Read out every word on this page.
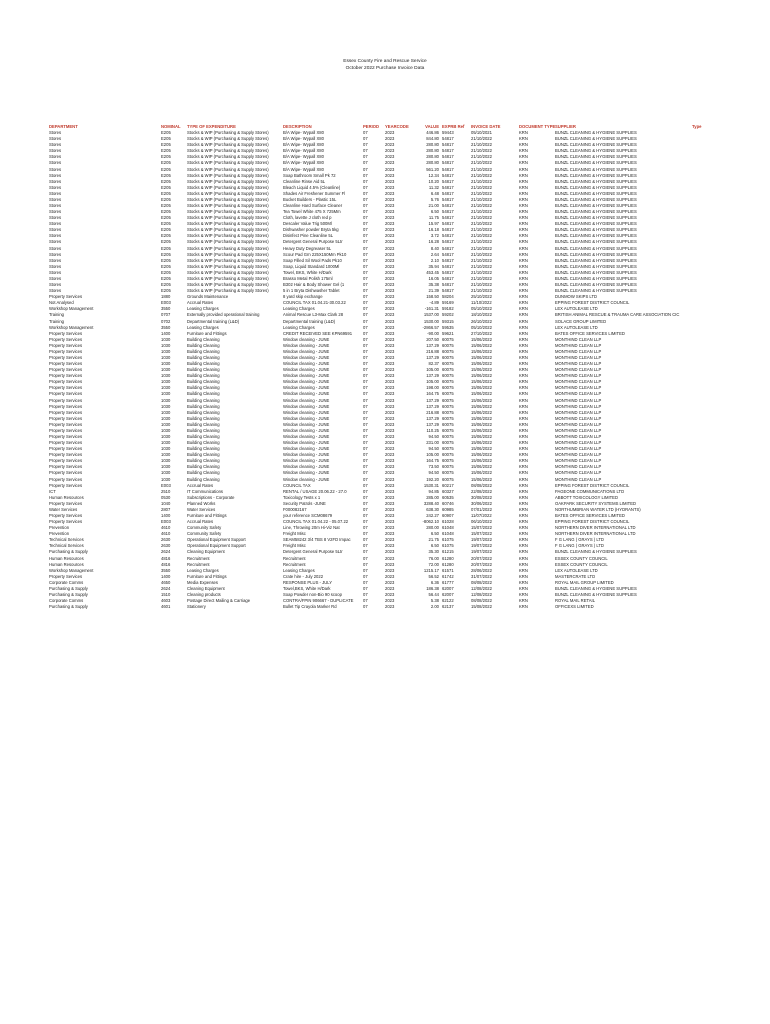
Essex County Fire and Rescue Service
October 2022 Purchase Invoice Data
DEPARTMENT	NOMINAL	TYPE OF EXPENDITURE	DESCRIPTION	PERIOD	YEARCODE	VALUE	EXPRB Ref	INVOICE DATE	DOCUMENT TYPE	SUPPLIER	Type
Stores	E205	Stocks & WIP (Purchasing & Supply Stores)	B/A Wipe- Wypall X80	07	2023	446.86	59443	05/10/2021	KRN	BUNZL CLEANING & HYGIENE SUPPLIES	
Stores	E205	Stocks & WIP (Purchasing & Supply Stores)	B/A Wipe- Wypall X80	07	2023	844.80	54817	21/10/2022	KRN	BUNZL CLEANING & HYGIENE SUPPLIES	
Stores	E205	Stocks & WIP (Purchasing & Supply Stores)	B/A Wipe- Wypall X80	07	2023	280.80	54817	21/10/2022	KRN	BUNZL CLEANING & HYGIENE SUPPLIES	
Stores	E205	Stocks & WIP (Purchasing & Supply Stores)	B/A Wipe- Wypall X80	07	2023	280.80	54817	21/10/2022	KRN	BUNZL CLEANING & HYGIENE SUPPLIES	
Stores	E205	Stocks & WIP (Purchasing & Supply Stores)	B/A Wipe- Wypall X80	07	2023	280.80	54817	21/10/2022	KRN	BUNZL CLEANING & HYGIENE SUPPLIES	
Stores	E205	Stocks & WIP (Purchasing & Supply Stores)	B/A Wipe- Wypall X80	07	2023	280.80	54817	21/10/2022	KRN	BUNZL CLEANING & HYGIENE SUPPLIES	
Stores	E205	Stocks & WIP (Purchasing & Supply Stores)	B/A Wipe- Wypall X80	07	2023	561.20	54817	21/10/2022	KRN	BUNZL CLEANING & HYGIENE SUPPLIES	
Stores	E205	Stocks & WIP (Purchasing & Supply Stores)	Soap Bathroom Small Pk 72	07	2023	12.34	54817	21/10/2022	KRN	BUNZL CLEANING & HYGIENE SUPPLIES	
Stores	E205	Stocks & WIP (Purchasing & Supply Stores)	Cleanline Rinse Aid 5L	07	2023	10.20	54817	21/10/2022	KRN	BUNZL CLEANING & HYGIENE SUPPLIES	
Stores	E205	Stocks & WIP (Purchasing & Supply Stores)	Bleach Liquid 4.5% (Cleanline)	07	2023	11.32	54817	21/10/2022	KRN	BUNZL CLEANING & HYGIENE SUPPLIES	
Stores	E205	Stocks & WIP (Purchasing & Supply Stores)	Shades Air Freshener Summer Fl	07	2023	6.48	54817	21/10/2022	KRN	BUNZL CLEANING & HYGIENE SUPPLIES	
Stores	E205	Stocks & WIP (Purchasing & Supply Stores)	Bucket Builders - Plastic 15L	07	2023	5.76	54817	21/10/2022	KRN	BUNZL CLEANING & HYGIENE SUPPLIES	
Stores	E205	Stocks & WIP (Purchasing & Supply Stores)	Cleanline Hard Surface Cleaner	07	2023	21.00	54817	21/10/2022	KRN	BUNZL CLEANING & HYGIENE SUPPLIES	
Stores	E205	Stocks & WIP (Purchasing & Supply Stores)	Tea Towel White 475 X 725Mm	07	2023	6.50	54817	21/10/2022	KRN	BUNZL CLEANING & HYGIENE SUPPLIES	
Stores	E205	Stocks & WIP (Purchasing & Supply Stores)	Cloth, lavette J cloth red p	07	2023	11.75	54817	21/10/2022	KRN	BUNZL CLEANING & HYGIENE SUPPLIES	
Stores	E205	Stocks & WIP (Purchasing & Supply Stores)	Descaler Value Trig 500Ml	07	2023	15.97	54817	21/10/2022	KRN	BUNZL CLEANING & HYGIENE SUPPLIES	
Stores	E205	Stocks & WIP (Purchasing & Supply Stores)	Dishwasher powder Bryta 5kg	07	2023	16.18	54817	21/10/2022	KRN	BUNZL CLEANING & HYGIENE SUPPLIES	
Stores	E205	Stocks & WIP (Purchasing & Supply Stores)	Disinfect Pine Cleanline 5L	07	2023	3.72	54817	21/10/2022	KRN	BUNZL CLEANING & HYGIENE SUPPLIES	
Stores	E205	Stocks & WIP (Purchasing & Supply Stores)	Detergent General Purpose 5Ltr	07	2023	16.28	54817	21/10/2022	KRN	BUNZL CLEANING & HYGIENE SUPPLIES	
Stores	E205	Stocks & WIP (Purchasing & Supply Stores)	Heavy Duty Degreaser 5L	07	2023	8.40	54817	21/10/2022	KRN	BUNZL CLEANING & HYGIENE SUPPLIES	
Stores	E205	Stocks & WIP (Purchasing & Supply Stores)	Scour Pad Grn 225X150Mm Pk10	07	2023	2.64	54817	21/10/2022	KRN	BUNZL CLEANING & HYGIENE SUPPLIES	
Stores	E205	Stocks & WIP (Purchasing & Supply Stores)	Soap Filled Sil Wool Pads Pk10	07	2023	2.10	54817	21/10/2022	KRN	BUNZL CLEANING & HYGIENE SUPPLIES	
Stores	E205	Stocks & WIP (Purchasing & Supply Stores)	Soap, Liquid Standard 1000Ml	07	2023	35.94	54817	21/10/2022	KRN	BUNZL CLEANING & HYGIENE SUPPLIES	
Stores	E205	Stocks & WIP (Purchasing & Supply Stores)	Towel, BKS, White H/Dark	07	2023	453.45	54817	21/10/2022	KRN	BUNZL CLEANING & HYGIENE SUPPLIES	
Stores	E205	Stocks & WIP (Purchasing & Supply Stores)	Brasso Metal Polish 175ml	07	2023	16.05	54817	21/10/2022	KRN	BUNZL CLEANING & HYGIENE SUPPLIES	
Stores	E205	Stocks & WIP (Purchasing & Supply Stores)	B302 Hair & Body Shower Gel (1	07	2023	35.38	54817	21/10/2022	KRN	BUNZL CLEANING & HYGIENE SUPPLIES	
Stores	E205	Stocks & WIP (Purchasing & Supply Stores)	5 in 1 Bryta Dishwasher Tablet	07	2023	21.39	54817	21/10/2022	KRN	BUNZL CLEANING & HYGIENE SUPPLIES	
Property Services	1880	Grounds Maintenance	8 yard skip exchange	07	2023	158.50	58204	25/10/2022	KRN	DUNMOW SKIPS LTD	
Not Analysed	E003	Accrual Rates	COUNCIL TAX 01.04.21-30.03.22	07	2023	-4.89	59169	11/10/2022	KRN	EPPING FOREST DISTRICT COUNCIL	
Workshop Management	3550	Leasing Charges	Leasing Charges	07	2023	-161.31	59182	05/10/2022	KRN	LEX AUTOLEASE LTD	
Training	0707	Externally provided operational training	Animal Rescue L3-Max Clark 28	07	2023	1537.00	59202	18/10/2022	KRN	BRITISH ANIMAL RESCUE & TRAUMA CARE ASSOCIATION CIC	
Training	0702	Departmental training (L&D)	Departmental training (L&D)	07	2023	1530.00	59315	26/10/2022	KRN	SOLACE GROUP LIMITED	
Workshop Management	3550	Leasing Charges	Leasing Charges	07	2023	-2866.57	59535	05/10/2022	KRN	LEX AUTOLEASE LTD	
Property Services	1400	Furniture and Fittings	CREDIT RECEIVED SEE KPN69591	07	2023	-90.00	59621	27/10/2022	KRN	BATES OFFICE SERVICES LIMITED	
Property Services	1030	Building Cleaning	Window cleaning - JUNE	07	2023	207.50	60075	15/06/2022	KRN	MONTHIND CLEAN LLP	
Property Services	1030	Building Cleaning	Window cleaning - JUNE	07	2023	137.29	60075	15/06/2022	KRN	MONTHIND CLEAN LLP	
Property Services	1030	Building Cleaning	Window cleaning - JUNE	07	2023	216.88	60075	15/06/2022	KRN	MONTHIND CLEAN LLP	
Property Services	1030	Building Cleaning	Window cleaning - JUNE	07	2023	137.29	60075	15/06/2022	KRN	MONTHIND CLEAN LLP	
Property Services	1030	Building Cleaning	Window cleaning - JUNE	07	2023	82.37	60075	15/06/2022	KRN	MONTHIND CLEAN LLP	
Property Services	1030	Building Cleaning	Window cleaning - JUNE	07	2023	105.00	60075	15/06/2022	KRN	MONTHIND CLEAN LLP	
Property Services	1030	Building Cleaning	Window cleaning - JUNE	07	2023	137.29	60075	15/06/2022	KRN	MONTHIND CLEAN LLP	
Property Services	1030	Building Cleaning	Window cleaning - JUNE	07	2023	105.00	60075	15/06/2022	KRN	MONTHIND CLEAN LLP	
Property Services	1030	Building Cleaning	Window cleaning - JUNE	07	2023	198.00	60075	15/06/2022	KRN	MONTHIND CLEAN LLP	
Property Services	1030	Building Cleaning	Window cleaning - JUNE	07	2023	164.75	60075	15/06/2022	KRN	MONTHIND CLEAN LLP	
Property Services	1030	Building Cleaning	Window cleaning - JUNE	07	2023	137.29	60075	15/06/2022	KRN	MONTHIND CLEAN LLP	
Property Services	1030	Building Cleaning	Window cleaning - JUNE	07	2023	137.29	60075	15/06/2022	KRN	MONTHIND CLEAN LLP	
Property Services	1030	Building Cleaning	Window cleaning - JUNE	07	2023	216.88	60075	15/06/2022	KRN	MONTHIND CLEAN LLP	
Property Services	1030	Building Cleaning	Window cleaning - JUNE	07	2023	137.29	60075	15/06/2022	KRN	MONTHIND CLEAN LLP	
Property Services	1030	Building Cleaning	Window cleaning - JUNE	07	2023	137.29	60075	15/06/2022	KRN	MONTHIND CLEAN LLP	
Property Services	1030	Building Cleaning	Window cleaning - JUNE	07	2023	110.25	60075	15/06/2022	KRN	MONTHIND CLEAN LLP	
Property Services	1030	Building Cleaning	Window cleaning - JUNE	07	2023	94.50	60075	15/06/2022	KRN	MONTHIND CLEAN LLP	
Property Services	1030	Building Cleaning	Window cleaning - JUNE	07	2023	231.00	60075	15/06/2022	KRN	MONTHIND CLEAN LLP	
Property Services	1030	Building Cleaning	Window cleaning - JUNE	07	2023	94.50	60075	15/06/2022	KRN	MONTHIND CLEAN LLP	
Property Services	1030	Building Cleaning	Window cleaning - JUNE	07	2023	105.00	60075	15/06/2022	KRN	MONTHIND CLEAN LLP	
Property Services	1030	Building Cleaning	Window cleaning - JUNE	07	2023	164.75	60075	15/06/2022	KRN	MONTHIND CLEAN LLP	
Property Services	1030	Building Cleaning	Window cleaning - JUNE	07	2023	73.50	60075	15/06/2022	KRN	MONTHIND CLEAN LLP	
Property Services	1030	Building Cleaning	Window cleaning - JUNE	07	2023	94.50	60075	15/06/2022	KRN	MONTHIND CLEAN LLP	
Property Services	1030	Building Cleaning	Window cleaning - JUNE	07	2023	192.20	60075	15/06/2022	KRN	MONTHIND CLEAN LLP	
Property Services	E003	Accrual Rates	COUNCIL TAX	07	2023	1530.31	60217	08/08/2022	KRN	EPPING FOREST DISTRICT COUNCIL	
ICT	2510	IT Communications	RENTAL / USAGE 20.06.22 - 27.0	07	2023	94.85	60327	22/08/2022	KRN	PAGEONE COMMUNICATIONS LTD	
Human Resources	0530	Subscriptions - Corporate	Toxicology Tests x 1	07	2023	285.00	60535	30/08/2022	KRN	ABBOTT TOXICOLOGY LIMITED	
Property Services	1040	Planned Works	Security Patrols -JUNE	07	2023	3288.40	60746	30/06/2022	KRN	OAKPARK SECURITY SYSTEMS LIMITED	
Water Services	2807	Water Services	F000082167	07	2023	638.30	60985	07/01/2022	KRN	NORTHUMBRIAN WATER LTD (HYDRANTS)	
Property Services	1400	Furniture and Fittings	your reference SCM08679	07	2023	242.27	60907	11/07/2022	KRN	BATES OFFICE SERVICES LIMITED	
Property Services	E003	Accrual Rates	COUNCIL TAX 01.04.22 - 05.07.22	07	2023	-8062.10	61028	06/10/2022	KRN	EPPING FOREST DISTRICT COUNCIL	
Prevention	4610	Community Safety	Line, Throwing 20m Hi-Viz Nat	07	2023	280.00	61048	15/07/2022	KRN	NORTHERN DIVER INTERNATIONAL LTD	
Prevention	4610	Community Safety	Freight Misc	07	2023	6.50	61048	15/07/2022	KRN	NORTHERN DIVER INTERNATIONAL LTD	
Technical Services	2630	Operational Equipment Support	SEAM58242 3/4 TBS 8 V2FD Impac	07	2023	21.75	61075	19/07/2022	KRN	F G LANG ( GRAYS ) LTD	
Technical Services	2630	Operational Equipment Support	Freight Misc	07	2023	6.50	61075	19/07/2022	KRN	F G LANG ( GRAYS ) LTD	
Purchasing & Supply	2624	Cleaning Equipment	Detergent General Purpose 5Ltr	07	2023	35.30	61215	19/07/2022	KRN	BUNZL CLEANING & HYGIENE SUPPLIES	
Human Resources	4816	Recruitment	Recruitment	07	2023	76.00	61280	20/07/2022	KRN	ESSEX COUNTY COUNCIL	
Human Resources	4816	Recruitment	Recruitment	07	2023	72.00	61280	20/07/2022	KRN	ESSEX COUNTY COUNCIL	
Workshop Management	3550	Leasing Charges	Leasing Charges	07	2023	1215.17	61571	28/06/2022	KRN	LEX AUTOLEASE LTD	
Property Services	1400	Furniture and Fittings	Crate hire - July 2022	07	2023	56.52	61742	31/07/2022	KRN	MASTERCRATE LTD	
Corporate Comms	4650	Media Expenses	RESPONSE PLUS - JULY	07	2023	6.36	61777	08/08/2022	KRN	ROYAL MAIL GROUP LIMITED	
Purchasing & Supply	2624	Cleaning Equipment	Towel,BKS, White H/Dark	07	2023	186.38	62007	12/08/2022	KRN	BUNZL CLEANING & HYGIENE SUPPLIES	
Purchasing & Supply	1510	Cleaning products	Soap Powder non-Bio 90 scoop	07	2023	56.44	62007	12/08/2022	KRN	BUNZL CLEANING & HYGIENE SUPPLIES	
Corporate Comms	4603	Postage Direct Mailing & Carriage	CONTRA/FPIN 906667 - DUPLICATE	07	2023	5.38	62122	08/08/2022	KRN	ROYAL MAIL RETAIL	
Purchasing & Supply	4601	Stationery	Bullet Tip Crayola Marker Rd	07	2023	2.00	62137	15/08/2022	KRN	OFFICEXS LIMITED	
